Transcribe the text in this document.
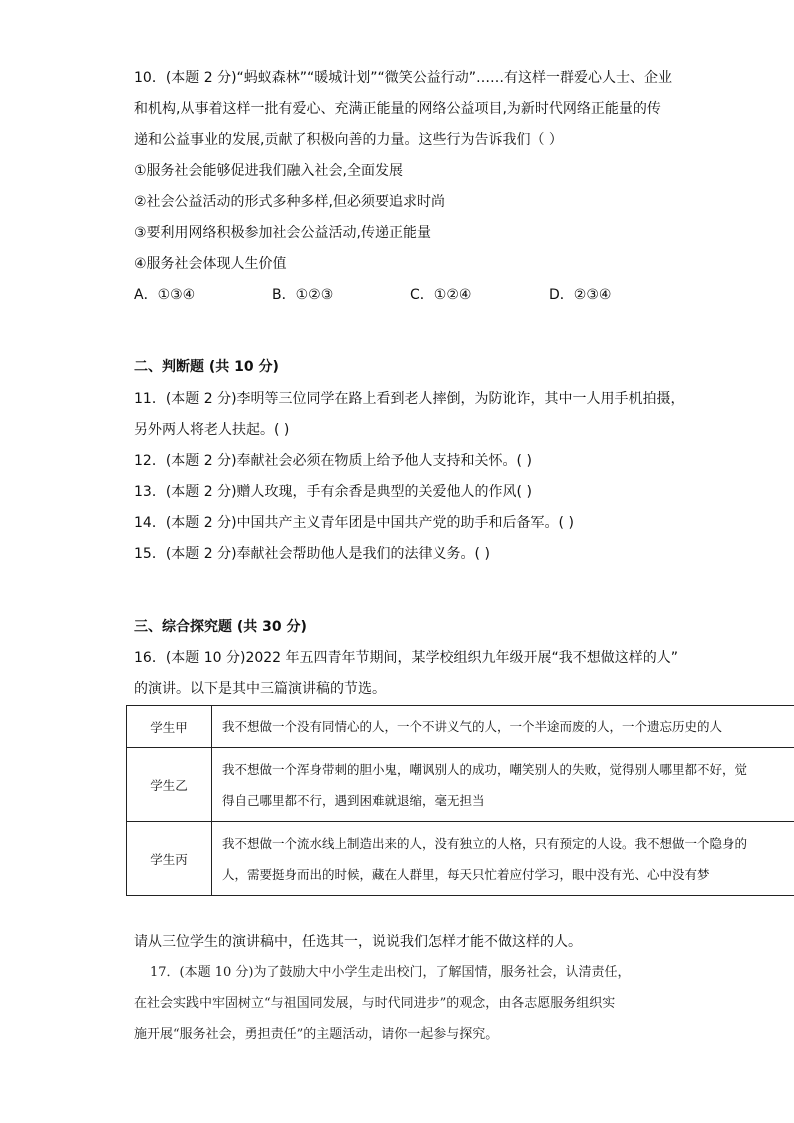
10．(本题 2 分)“蚂蚁森林”“暖城计划”“微笑公益行动”……有这样一群爱心人士、企业
和机构,从事着这样一批有爱心、充满正能量的网络公益项目,为新时代网络正能量的传
递和公益事业的发展,贡献了积极向善的力量。这些行为告诉我们（ ）
①服务社会能够促进我们融入社会,全面发展
②社会公益活动的形式多种多样,但必须要追求时尚
③要利用网络积极参加社会公益活动,传递正能量
④服务社会体现人生价值
A．①③④	B．①②③	C．①②④	D．②③④
二、判断题 (共 10 分)
11．(本题 2 分)李明等三位同学在路上看到老人摔倒，为防讹诈，其中一人用手机拍摄，
另外两人将老人扶起。( )
12．(本题 2 分)奉献社会必须在物质上给予他人支持和关怀。( )
13．(本题 2 分)赠人玫瑰，手有余香是典型的关爱他人的作风( )
14．(本题 2 分)中国共产主义青年团是中国共产党的助手和后备军。( )
15．(本题 2 分)奉献社会帮助他人是我们的法律义务。( )
三、综合探究题 (共 30 分)
16．(本题 10 分)2022 年五四青年节期间，某学校组织九年级开展“我不想做这样的人”
的演讲。以下是其中三篇演讲稿的节选。
学生甲	我不想做一个没有同情心的人，一个不讲义气的人，一个半途而废的人，一个遗忘历史的人

学生乙	我不想做一个浑身带刺的胆小鬼，嘲讽别人的成功，嘲笑别人的失败，觉得别人哪里都不好，觉
得自己哪里都不行，遇到困难就退缩，毫无担当

学生丙	我不想做一个流水线上制造出来的人，没有独立的人格，只有预定的人设。我不想做一个隐身的
人，需要挺身而出的时候，藏在人群里，每天只忙着应付学习，眼中没有光、心中没有梦
请从三位学生的演讲稿中，任选其一，说说我们怎样才能不做这样的人。
17．(本题 10 分)为了鼓励大中小学生走出校门，了解国情，服务社会，认清责任，
在社会实践中牢固树立“与祖国同发展，与时代同进步”的观念，由各志愿服务组织实
施开展“服务社会，勇担责任”的主题活动，请你一起参与探究。
